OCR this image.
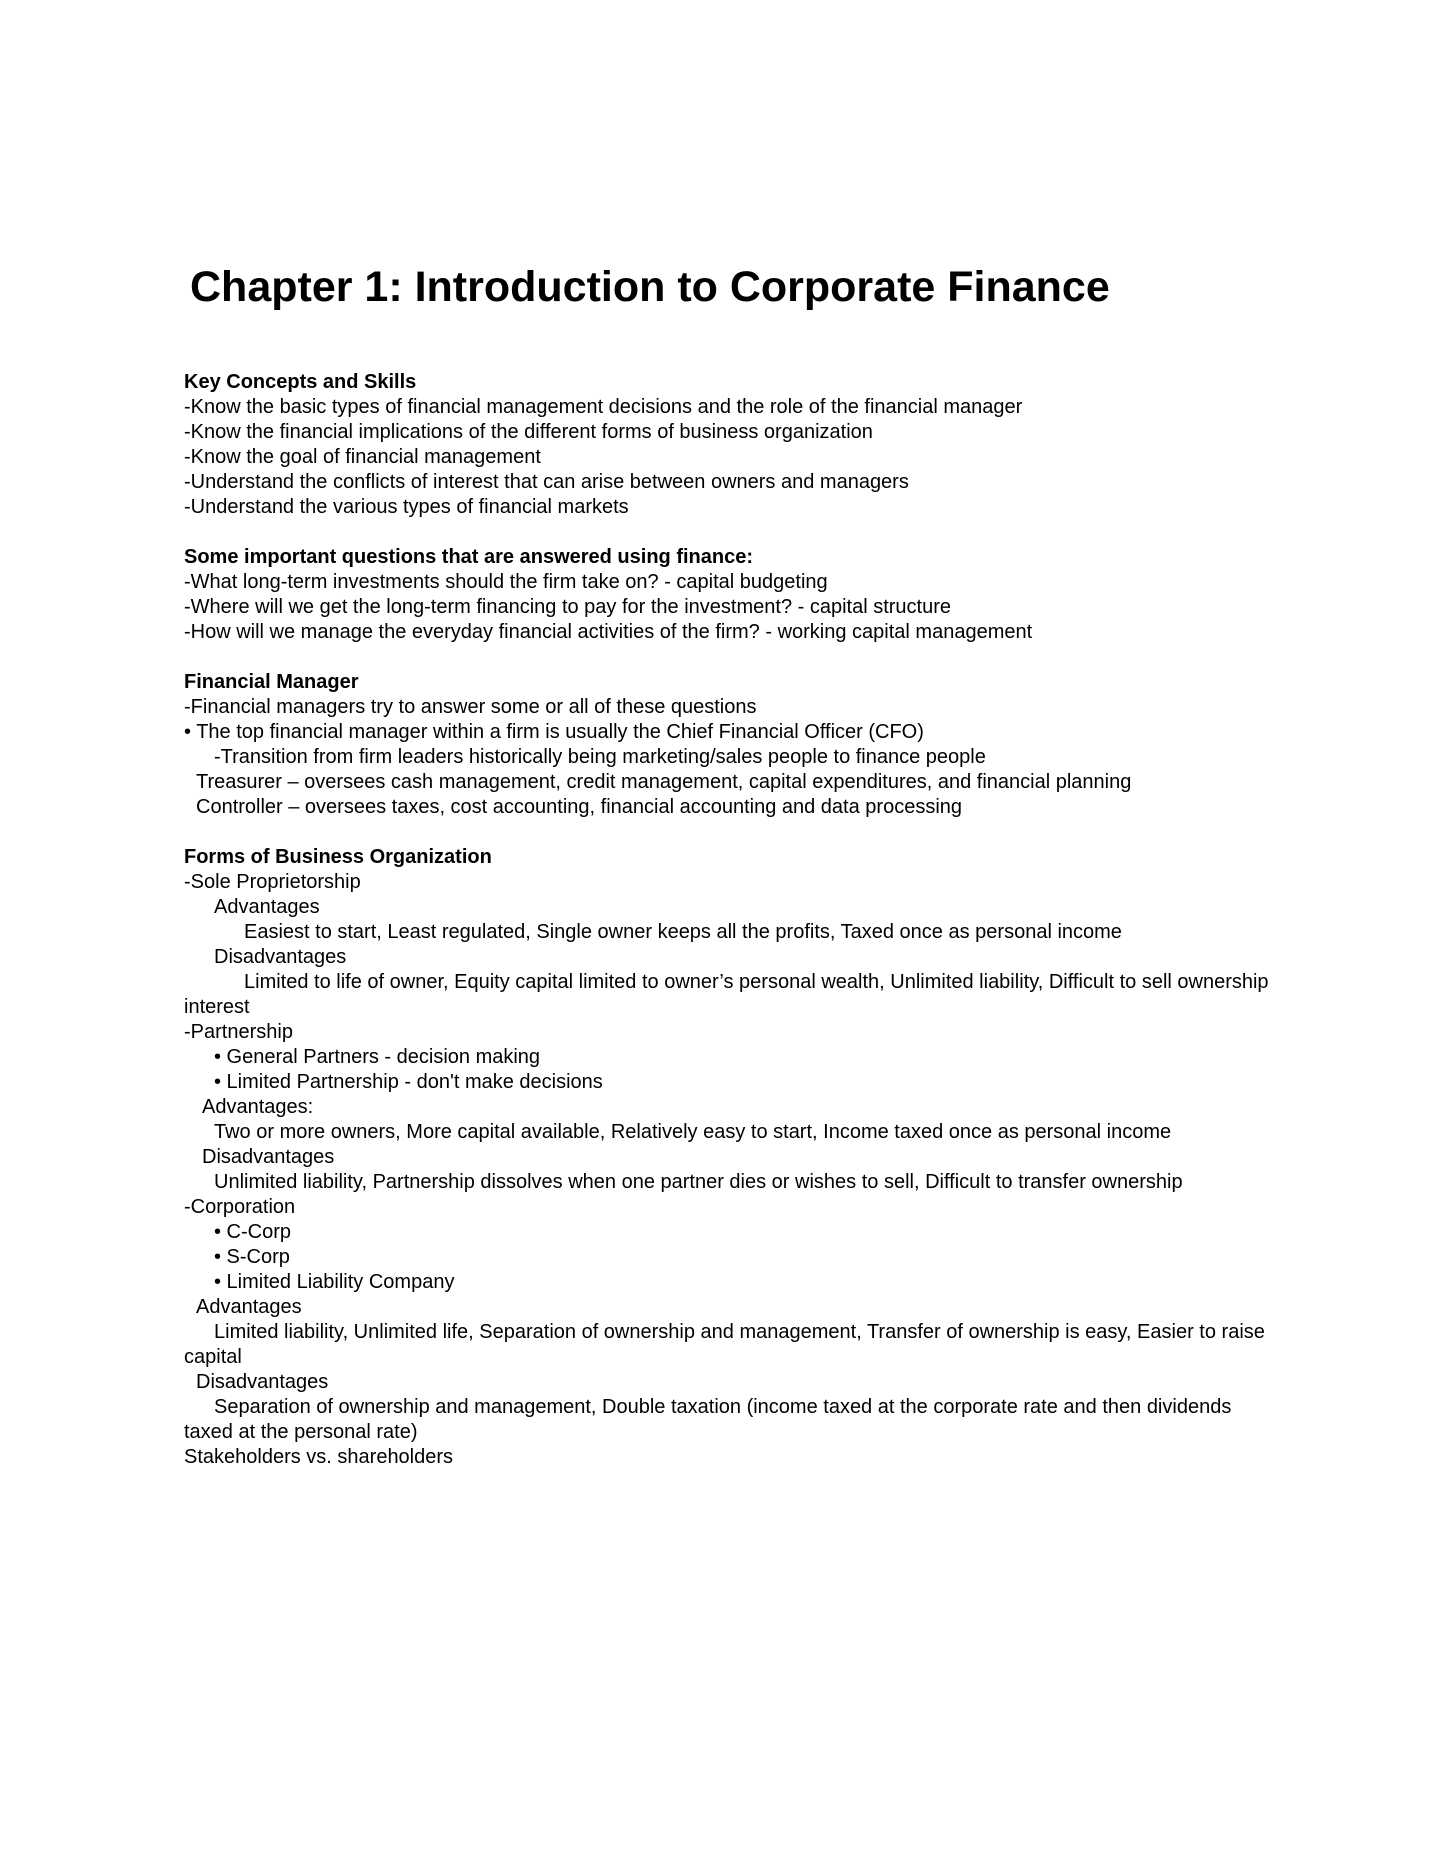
Chapter 1: Introduction to Corporate Finance
Key Concepts and Skills
-Know the basic types of financial management decisions and the role of the financial manager
-Know the financial implications of the different forms of business organization
-Know the goal of financial management
-Understand the conflicts of interest that can arise between owners and managers
-Understand the various types of financial markets
Some important questions that are answered using finance:
-What long-term investments should the firm take on? - capital budgeting
-Where will we get the long-term financing to pay for the investment? - capital structure
-How will we manage the everyday financial activities of the firm? - working capital management
Financial Manager
-Financial managers try to answer some or all of these questions
• The top financial manager within a firm is usually the Chief Financial Officer (CFO)
-Transition from firm leaders historically being marketing/sales people to finance people
Treasurer – oversees cash management, credit management, capital expenditures, and financial planning
Controller – oversees taxes, cost accounting, financial accounting and data processing
Forms of Business Organization
-Sole Proprietorship
Advantages
Easiest to start, Least regulated, Single owner keeps all the profits, Taxed once as personal income
Disadvantages
Limited to life of owner, Equity capital limited to owner’s personal wealth, Unlimited liability, Difficult to sell ownership interest
-Partnership
• General Partners - decision making
• Limited Partnership - don't make decisions
Advantages:
Two or more owners, More capital available, Relatively easy to start, Income taxed once as personal income
Disadvantages
Unlimited liability, Partnership dissolves when one partner dies or wishes to sell, Difficult to transfer ownership
-Corporation
• C-Corp
• S-Corp
• Limited Liability Company
Advantages
Limited liability, Unlimited life, Separation of ownership and management, Transfer of ownership is easy, Easier to raise capital
Disadvantages
Separation of ownership and management, Double taxation (income taxed at the corporate rate and then dividends taxed at the personal rate)
Stakeholders vs. shareholders
